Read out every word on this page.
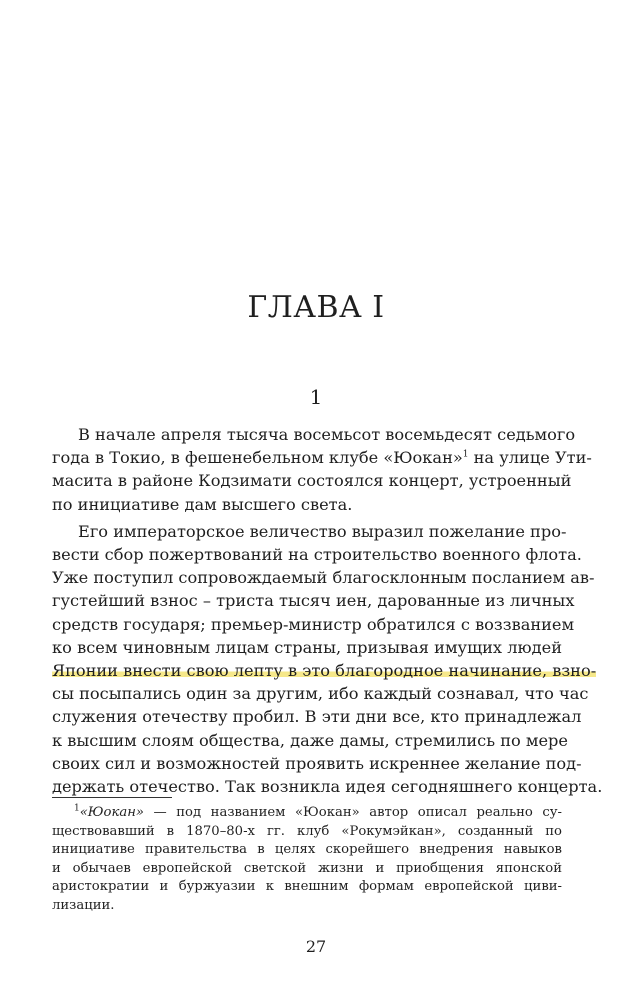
ГЛАВА I
1
В начале апреля тысяча восемьсот восемьдесят седьмого
года в Токио, в фешенебельном клубе «Юокан»$^1$ на улице Ути-
масита в районе Кодзимати состоялся концерт, устроенный
по инициативе дам высшего света.
Его императорское величество выразил пожелание про-
вести сбор пожертвований на строительство военного флота.
Уже поступил сопровождаемый благосклонным посланием ав-
густейший взнос – триста тысяч иен, дарованные из личных
средств государя; премьер-министр обратился с воззванием
ко всем чиновным лицам страны, призывая имущих людей
Японии внести свою лепту в это благородное начинание, взно-
сы посыпались один за другим, ибо каждый сознавал, что час
служения отечеству пробил. В эти дни все, кто принадлежал
к высшим слоям общества, даже дамы, стремились по мере
своих сил и возможностей проявить искреннее желание под-
держать отечество. Так возникла идея сегодняшнего концерта.
$^1$«Юокан» — под названием «Юокан» автор описал реально су-
ществовавший в 1870–80-х гг. клуб «Рокумэйкан», созданный по
инициативе правительства в целях скорейшего внедрения навыков
и обычаев европейской светской жизни и приобщения японской
аристократии и буржуазии к внешним формам европейской циви-
лизации.
27
